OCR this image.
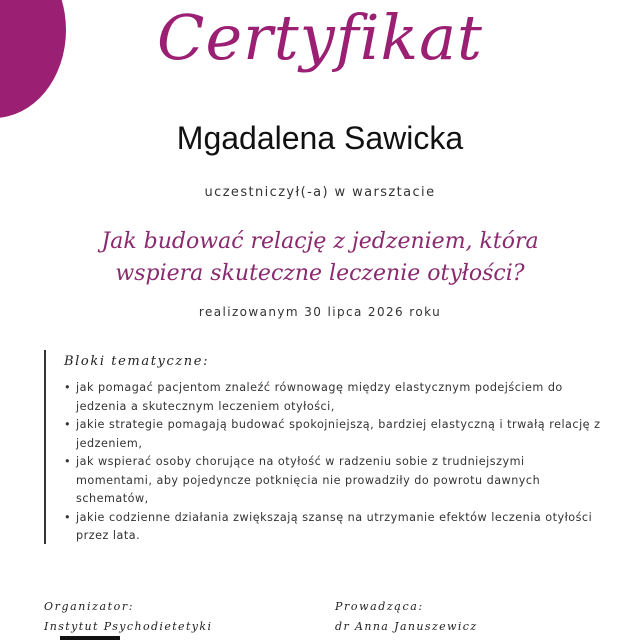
Certyfikat
Mgadalena Sawicka
uczestniczył(-a) w warsztacie
Jak budować relację z jedzeniem, która
wspiera skuteczne leczenie otyłości?
realizowanym 30 lipca 2026 roku
Bloki tematyczne:
• jak pomagać pacjentom znaleźć równowagę między elastycznym podejściem do jedzenia a skutecznym leczeniem otyłości,
• jakie strategie pomagają budować spokojniejszą, bardziej elastyczną i trwałą relację z jedzeniem,
• jak wspierać osoby chorujące na otyłość w radzeniu sobie z trudniejszymi momentami, aby pojedyncze potknięcia nie prowadziły do powrotu dawnych schematów,
• jakie codzienne działania zwiększają szansę na utrzymanie efektów leczenia otyłości przez lata.
Organizator:
Instytut Psychodietetyki
Prowadząca:
dr Anna Januszewicz
